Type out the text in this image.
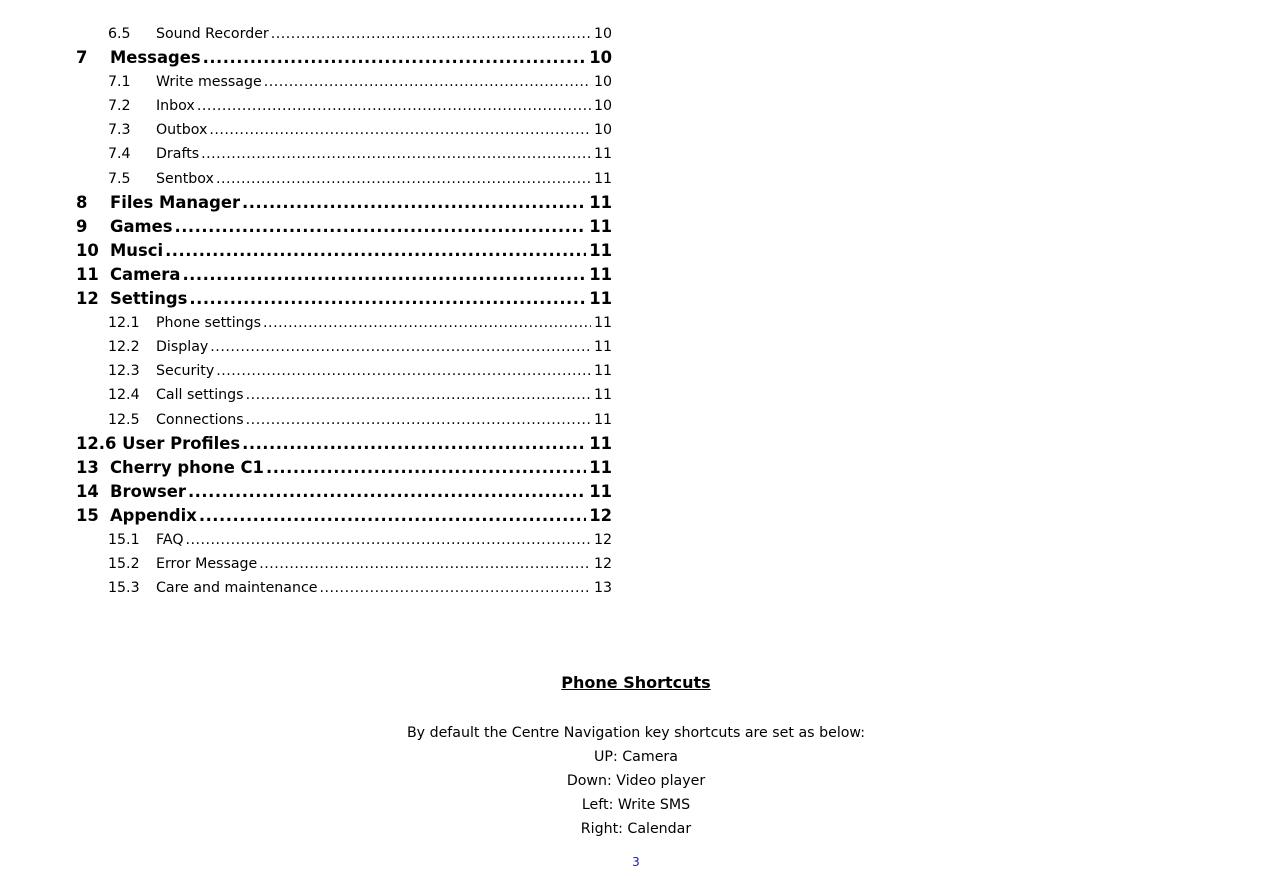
6.5	Sound Recorder .....	10
7	Messages .....	10
7.1	Write message .....	10
7.2	Inbox .....	10
7.3	Outbox .....	10
7.4	Drafts .....	11
7.5	Sentbox .....	11
8	Files Manager .....	11
9	Games .....	11
10 Musci .....	11
11 Camera .....	11
12 Settings .....	11
12.1	Phone settings .....	11
12.2	Display .....	11
12.3	Security .....	11
12.4	Call settings .....	11
12.5	Connections .....	11
12.6 User Profiles .....	11
13 Cherry phone C1 .....	11
14 Browser .....	11
15 Appendix .....	12
15.1	FAQ .....	12
15.2	Error Message .....	12
15.3	Care and maintenance .....	13
Phone Shortcuts
By default the Centre Navigation key shortcuts are set as below:
UP: Camera
Down: Video player
Left: Write SMS
Right: Calendar
3
